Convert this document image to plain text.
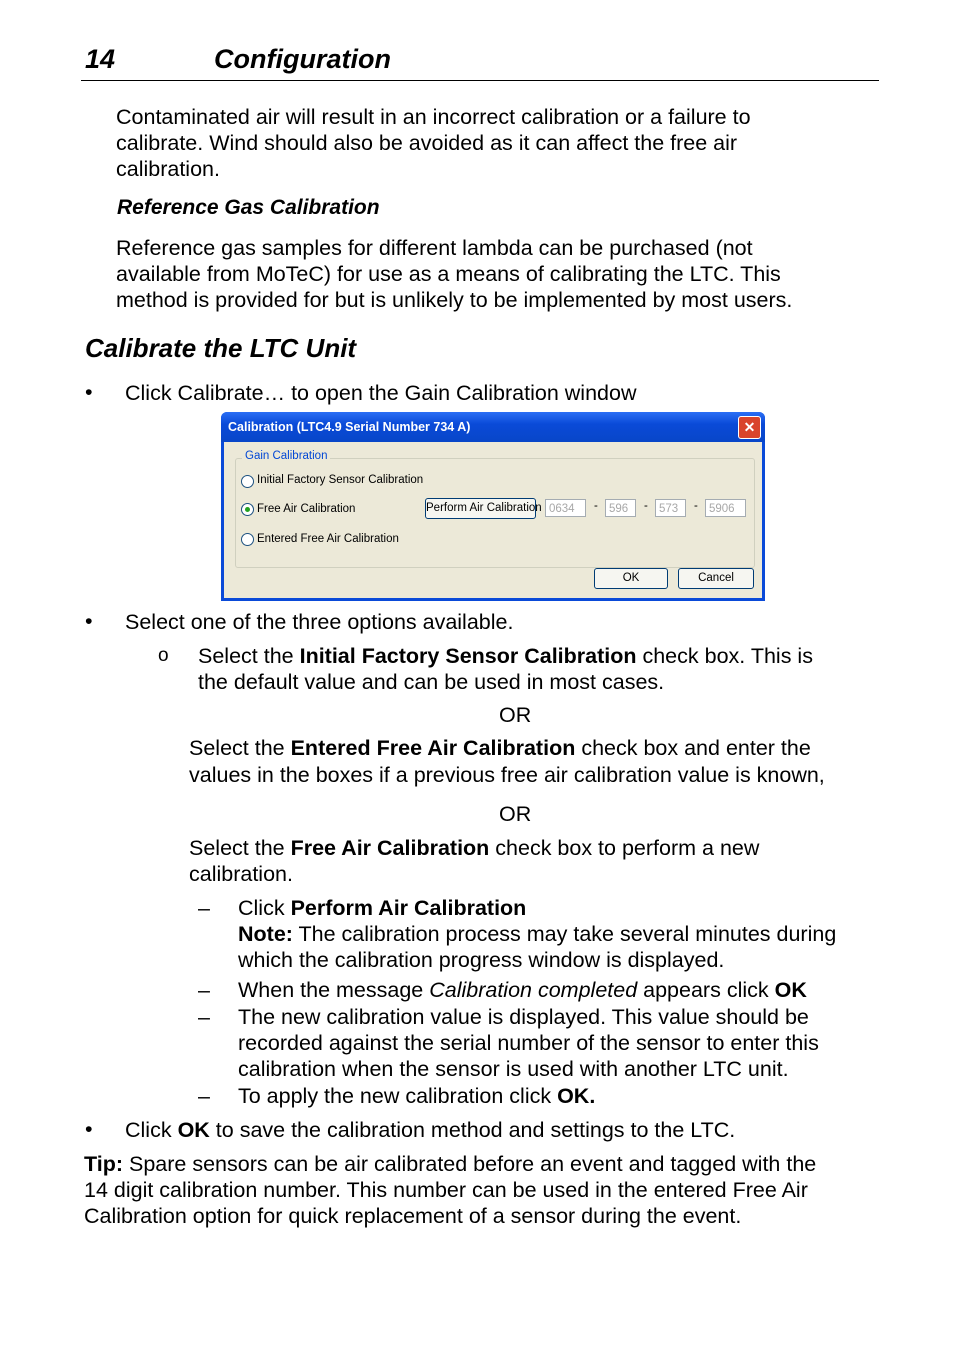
14	Configuration
Contaminated air will result in an incorrect calibration or a failure to
calibrate. Wind should also be avoided as it can affect the free air
calibration.
Reference Gas Calibration
Reference gas samples for different lambda can be purchased (not
available from MoTeC) for use as a means of calibrating the LTC. This
method is provided for but is unlikely to be implemented by most users.
Calibrate the LTC Unit
• Click Calibrate… to open the Gain Calibration window
Calibration (LTC4.9 Serial Number 734 A)	✕
Gain Calibration
Initial Factory Sensor Calibration
Free Air Calibration
Entered Free Air Calibration
Perform Air Calibration 0634	- 596	- 573	- 5906
OK	Cancel
• Select one of the three options available.
o Select the Initial Factory Sensor Calibration check box. This is
the default value and can be used in most cases.
OR
Select the Entered Free Air Calibration check box and enter the
values in the boxes if a previous free air calibration value is known,
OR
Select the Free Air Calibration check box to perform a new
calibration.
– Click Perform Air Calibration
Note: The calibration process may take several minutes during
which the calibration progress window is displayed.
– When the message Calibration completed appears click OK
– The new calibration value is displayed. This value should be
recorded against the serial number of the sensor to enter this
calibration when the sensor is used with another LTC unit.
– To apply the new calibration click OK.
• Click OK to save the calibration method and settings to the LTC.
Tip: Spare sensors can be air calibrated before an event and tagged with the
14 digit calibration number. This number can be used in the entered Free Air
Calibration option for quick replacement of a sensor during the event.
